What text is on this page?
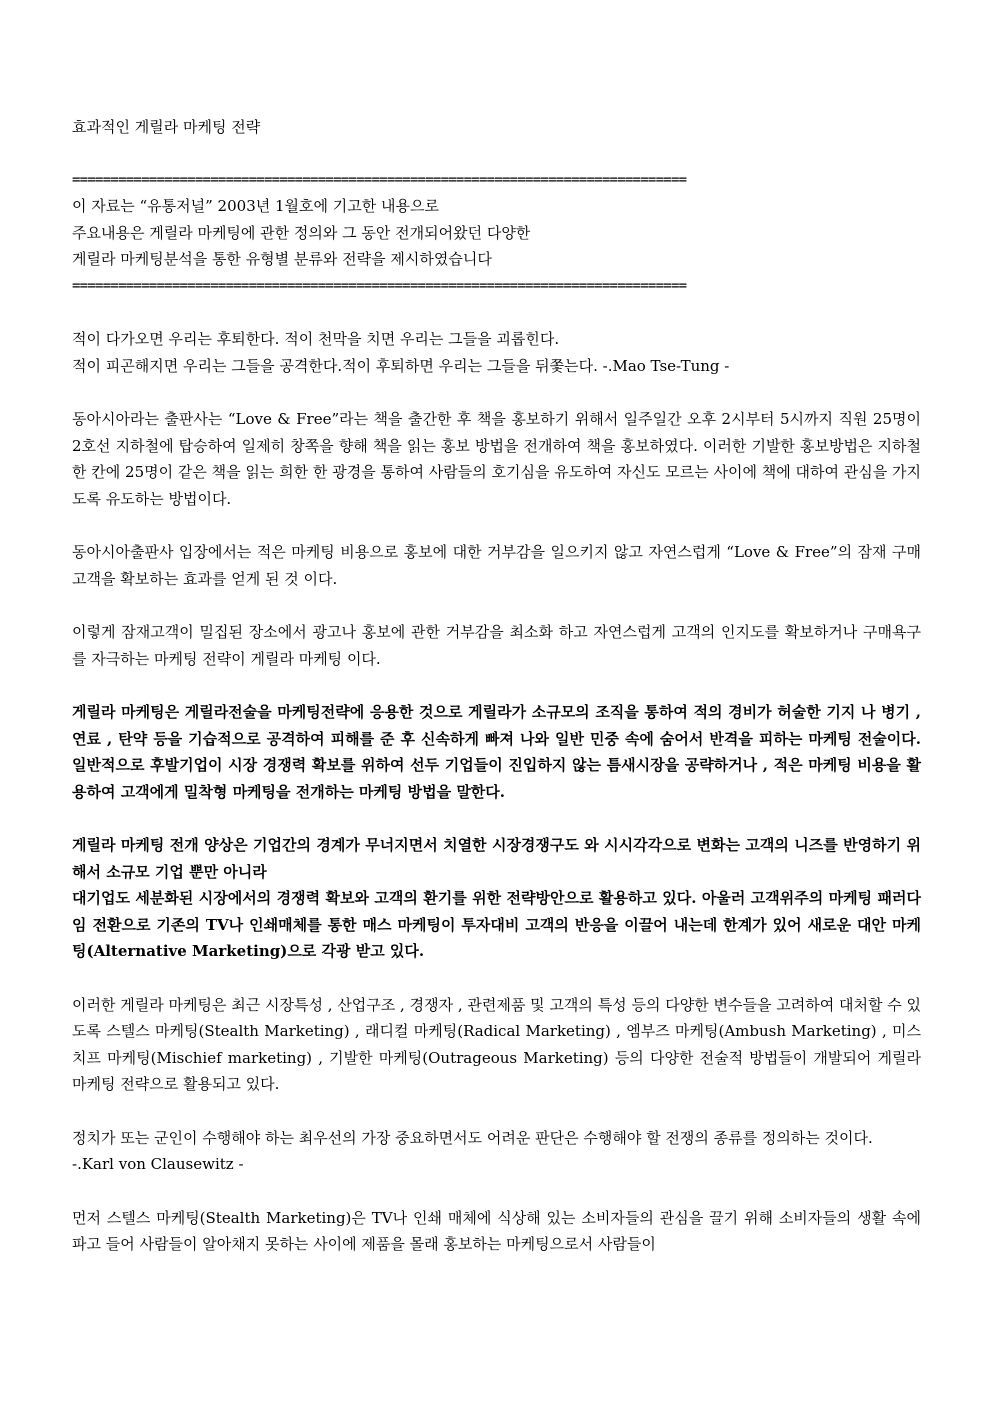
효과적인 게릴라 마케팅 전략
================================================================================
이 자료는 “유통저널” 2003년 1월호에 기고한 내용으로
주요내용은 게릴라 마케팅에 관한 정의와 그 동안 전개되어왔던 다양한
게릴라 마케팅분석을 통한 유형별 분류와 전략을 제시하였습니다
================================================================================
적이 다가오면 우리는 후퇴한다. 적이 천막을 치면 우리는 그들을 괴롭힌다.
적이 피곤해지면 우리는 그들을 공격한다.적이 후퇴하면 우리는 그들을 뒤쫓는다. -.Mao Tse-Tung -

동아시아라는 출판사는 “Love & Free”라는 책을 출간한 후 책을 홍보하기 위해서 일주일간 오후 2시부터 5시까지 직원 25명이 2호선 지하철에 탑승하여 일제히 창쪽을 향해 책을 읽는 홍보 방법을 전개하여 책을 홍보하였다. 이러한 기발한 홍보방법은 지하철 한 칸에 25명이 같은 책을 읽는 희한 한 광경을 통하여 사람들의 호기심을 유도하여 자신도 모르는 사이에 책에 대하여 관심을 가지도록 유도하는 방법이다.

동아시아출판사 입장에서는 적은 마케팅 비용으로 홍보에 대한 거부감을 일으키지 않고 자연스럽게 “Love & Free”의 잠재 구매고객을 확보하는 효과를 얻게 된 것 이다.

이렇게 잠재고객이 밀집된 장소에서 광고나 홍보에 관한 거부감을 최소화 하고 자연스럽게 고객의 인지도를 확보하거나 구매욕구를 자극하는 마케팅 전략이 게릴라 마케팅 이다.

게릴라 마케팅은 게릴라전술을 마케팅전략에 응용한 것으로 게릴라가 소규모의 조직을 통하여 적의 경비가 허술한 기지 나 병기 , 연료 , 탄약 등을 기습적으로 공격하여 피해를 준 후 신속하게 빠져 나와 일반 민중 속에 숨어서 반격을 피하는 마케팅 전술이다. 일반적으로 후발기업이 시장 경쟁력 확보를 위하여 선두 기업들이 진입하지 않는 틈새시장을 공략하거나 , 적은 마케팅 비용을 활용하여 고객에게 밀착형 마케팅을 전개하는 마케팅 방법을 말한다.

게릴라 마케팅 전개 양상은 기업간의 경계가 무너지면서 치열한 시장경쟁구도 와 시시각각으로 변화는 고객의 니즈를 반영하기 위해서 소규모 기업 뿐만 아니라

대기업도 세분화된 시장에서의 경쟁력 확보와 고객의 환기를 위한 전략방안으로 활용하고 있다. 아울러 고객위주의 마케팅 패러다임 전환으로 기존의 TV나 인쇄매체를 통한 매스 마케팅이 투자대비 고객의 반응을 이끌어 내는데 한계가 있어 새로운 대안 마케팅(Alternative Marketing)으로 각광 받고 있다.

이러한 게릴라 마케팅은 최근 시장특성 , 산업구조 , 경쟁자 , 관련제품 및 고객의 특성 등의 다양한 변수들을 고려하여 대처할 수 있도록 스텔스 마케팅(Stealth Marketing) , 래디컬 마케팅(Radical Marketing) , 엠부즈 마케팅(Ambush Marketing) , 미스치프 마케팅(Mischief marketing) , 기발한 마케팅(Outrageous Marketing) 등의 다양한 전술적 방법들이 개발되어 게릴라 마케팅 전략으로 활용되고 있다.

정치가 또는 군인이 수행해야 하는 최우선의 가장 중요하면서도 어려운 판단은 수행해야 할 전쟁의 종류를 정의하는 것이다.

-.Karl von Clausewitz -

먼저 스텔스 마케팅(Stealth Marketing)은 TV나 인쇄 매체에 식상해 있는 소비자들의 관심을 끌기 위해 소비자들의 생활 속에 파고 들어 사람들이 알아채지 못하는 사이에 제품을 몰래 홍보하는 마케팅으로서 사람들이
